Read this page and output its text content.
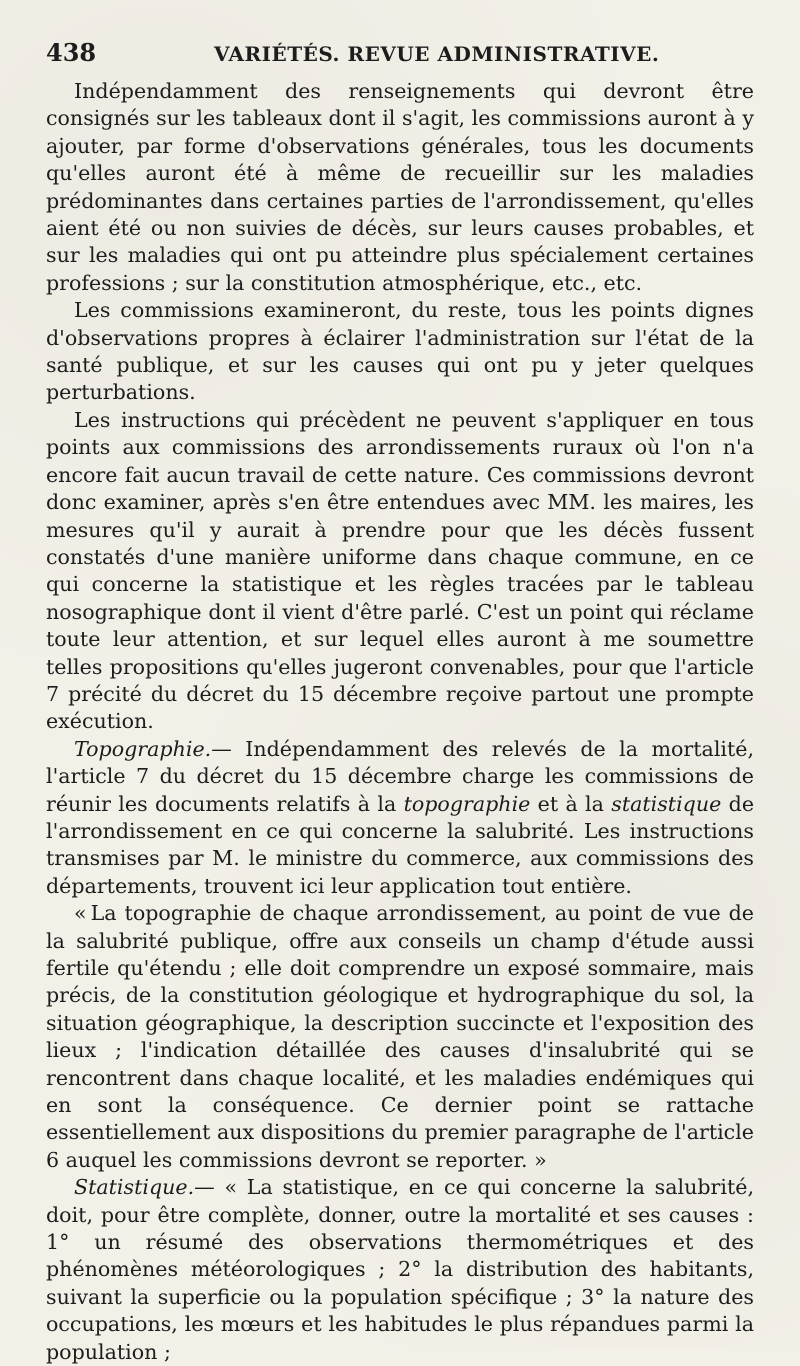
438	VARIÉTÉS. REVUE ADMINISTRATIVE.

Indépendamment des renseignements qui devront être consignés sur les tableaux dont il s'agit, les commissions auront à y ajouter, par forme d'observations générales, tous les documents qu'elles auront été à même de recueillir sur les maladies prédominantes dans certaines parties de l'arrondissement, qu'elles aient été ou non suivies de décès, sur leurs causes probables, et sur les maladies qui ont pu atteindre plus spécialement certaines professions ; sur la constitution atmosphérique, etc., etc.

Les commissions examineront, du reste, tous les points dignes d'observations propres à éclairer l'administration sur l'état de la santé publique, et sur les causes qui ont pu y jeter quelques perturbations.

Les instructions qui précèdent ne peuvent s'appliquer en tous points aux commissions des arrondissements ruraux où l'on n'a encore fait aucun travail de cette nature. Ces commissions devront donc examiner, après s'en être entendues avec MM. les maires, les mesures qu'il y aurait à prendre pour que les décès fussent constatés d'une manière uniforme dans chaque commune, en ce qui concerne la statistique et les règles tracées par le tableau nosographique dont il vient d'être parlé. C'est un point qui réclame toute leur attention, et sur lequel elles auront à me soumettre telles propositions qu'elles jugeront convenables, pour que l'article 7 précité du décret du 15 décembre reçoive partout une prompte exécution.

Topographie.— Indépendamment des relevés de la mortalité, l'article 7 du décret du 15 décembre charge les commissions de réunir les documents relatifs à la topographie et à la statistique de l'arrondissement en ce qui concerne la salubrité. Les instructions transmises par M. le ministre du commerce, aux commissions des départements, trouvent ici leur application tout entière.

« La topographie de chaque arrondissement, au point de vue de la salubrité publique, offre aux conseils un champ d'étude aussi fertile qu'étendu ; elle doit comprendre un exposé sommaire, mais précis, de la constitution géologique et hydrographique du sol, la situation géographique, la description succincte et l'exposition des lieux ; l'indication détaillée des causes d'insalubrité qui se rencontrent dans chaque localité, et les maladies endémiques qui en sont la conséquence. Ce dernier point se rattache essentiellement aux dispositions du premier paragraphe de l'article 6 auquel les commissions devront se reporter. »

Statistique.— « La statistique, en ce qui concerne la salubrité, doit, pour être complète, donner, outre la mortalité et ses causes : 1° un résumé des observations thermométriques et des phénomènes météorologiques ; 2° la distribution des habitants, suivant la superficie ou la population spécifique ; 3° la nature des occupations, les mœurs et les habitudes le plus répandues parmi la population ;
